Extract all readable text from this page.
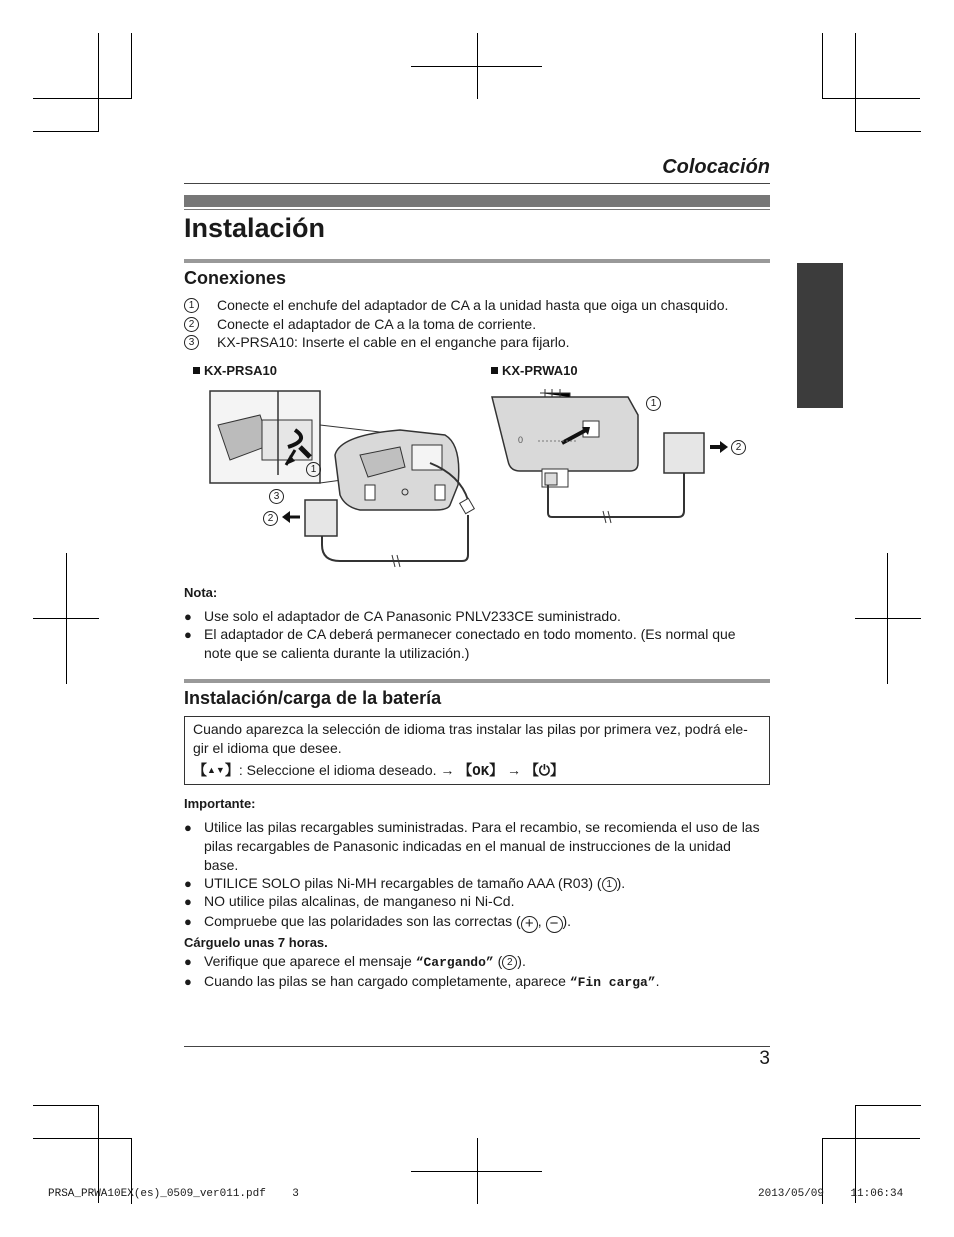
Colocación
Instalación
Conexiones
1	Conecte el enchufe del adaptador de CA a la unidad hasta que oiga un chasquido.
2	Conecte el adaptador de CA a la toma de corriente.
3	KX-PRSA10: Inserte el cable en el enganche para fijarlo.
KX-PRSA10	KX-PRWA10
1
3
2
0
1
2
Nota:
● Use solo el adaptador de CA Panasonic PNLV233CE suministrado.
● El adaptador de CA deberá permanecer conectado en todo momento. (Es normal que
note que se calienta durante la utilización.)
Instalación/carga de la batería
Cuando aparezca la selección de idioma tras instalar las pilas por primera vez, podrá ele-
gir el idioma que desee.
【▲▼】: Seleccione el idioma deseado. → 【OK】 → 【⏻】
Importante:
● Utilice las pilas recargables suministradas. Para el recambio, se recomienda el uso de las
pilas recargables de Panasonic indicadas en el manual de instrucciones de la unidad
base.
● UTILICE SOLO pilas Ni-MH recargables de tamaño AAA (R03) ( 1 ).
● NO utilice pilas alcalinas, de manganeso ni Ni-Cd.
● Compruebe que las polaridades son las correctas ( + , − ).
Cárguelo unas 7 horas.
● Verifique que aparece el mensaje “Cargando” ( 2 ).
● Cuando las pilas se han cargado completamente, aparece “Fin carga”.
3
PRSA_PRWA10EX(es)_0509_ver011.pdf    3	2013/05/09    11:06:34
